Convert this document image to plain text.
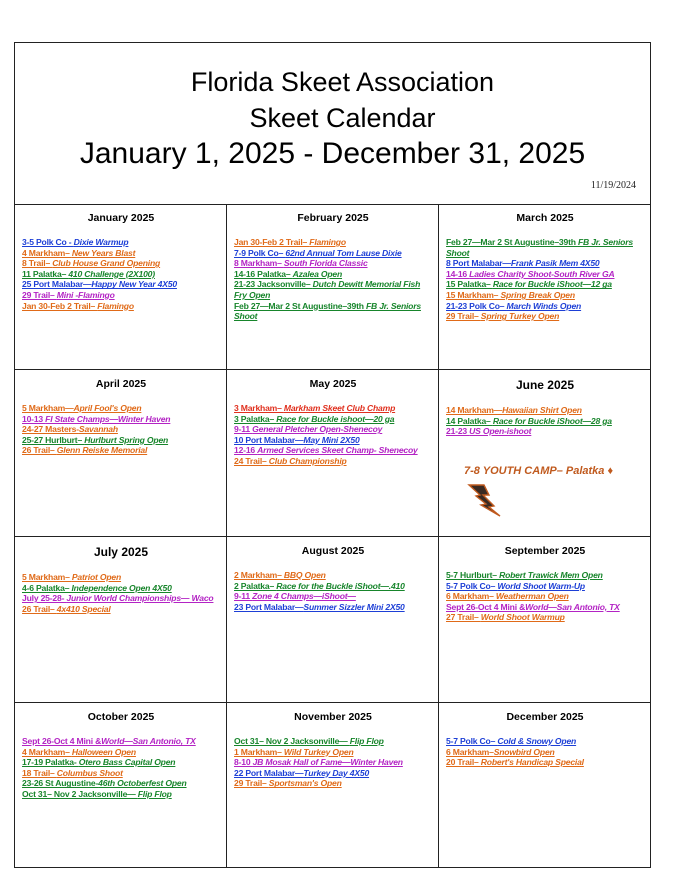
Florida Skeet Association
Skeet Calendar
January 1, 2025 - December 31, 2025
11/19/2024
January 2025

3-5 Polk Co - Dixie Warmup

4 Markham– New Years Blast

8 Trail– Club House Grand Opening

11 Palatka– 410 Challenge (2X100)

25 Port Malabar—Happy New Year 4X50

29 Trail– Mini -Flamingo

Jan 30-Feb 2 Trail– Flamingo

February 2025

Jan 30-Feb 2 Trail– Flamingo

7-9 Polk Co– 62nd Annual Tom Lause Dixie

8 Markham– South Florida Classic

14-16 Palatka– Azalea Open

21-23 Jacksonville– Dutch Dewitt Memorial Fish Fry Open

Feb 27—Mar 2 St Augustine–39th FB Jr. Seniors Shoot

March 2025

Feb 27—Mar 2 St Augustine–39th FB Jr. Seniors Shoot

8 Port Malabar—Frank Pasik Mem 4X50

14-16 Ladies Charity Shoot-South River GA

15 Palatka– Race for Buckle iShoot—12 ga

15 Markham– Spring Break Open

21-23 Polk Co– March Winds Open

29 Trail– Spring Turkey Open

April 2025

5 Markham—April Fool's Open

10-13 FI State Champs—Winter Haven

24-27 Masters-Savannah

25-27 Hurlburt– Hurlburt Spring Open

26 Trail– Glenn Reiske Memorial

May 2025

3 Markham– Markham Skeet Club Champ

3 Palatka– Race for Buckle ishoot—20 ga

9-11 General Pletcher Open-Shenecoy

10 Port Malabar—May Mini 2X50

12-16 Armed Services Skeet Champ- Shenecoy

24 Trail– Club Championship

June 2025

14 Markham—Hawaiian Shirt Open

14 Palatka– Race for Buckle iShoot—28 ga

21-23 US Open-ishoot

7-8 YOUTH CAMP– Palatka ♦
July 2025

5 Markham– Patriot Open

4-6 Palatka– Independence Open 4X50

July 25-28- Junior World Championships— Waco

26 Trail– 4x410 Special

August 2025

2 Markham– BBQ Open

2 Palatka– Race for the Buckle iShoot—.410

9-11 Zone 4 Champs—iShoot—

23 Port Malabar—Summer Sizzler Mini 2X50

September 2025

5-7 Hurlburt– Robert Trawick Mem Open

5-7 Polk Co– World Shoot Warm-Up

6 Markham– Weatherman Open

Sept 26-Oct 4 Mini &World—San Antonio, TX

27 Trail– World Shoot Warmup

October 2025

Sept 26-Oct 4 Mini &World—San Antonio, TX

4 Markham– Halloween Open

17-19 Palatka- Otero Bass Capital Open

18 Trail– Columbus Shoot

23-26 St Augustine-46th Octoberfest Open

Oct 31– Nov 2 Jacksonville— Flip Flop

November 2025

Oct 31– Nov 2 Jacksonville— Flip Flop

1 Markham– Wild Turkey Open

8-10 JB Mosak Hall of Fame—Winter Haven

22 Port Malabar—Turkey Day 4X50

29 Trail– Sportsman's Open

December 2025

5-7 Polk Co– Cold & Snowy Open

6 Markham–Snowbird Open

20 Trail– Robert's Handicap Special
